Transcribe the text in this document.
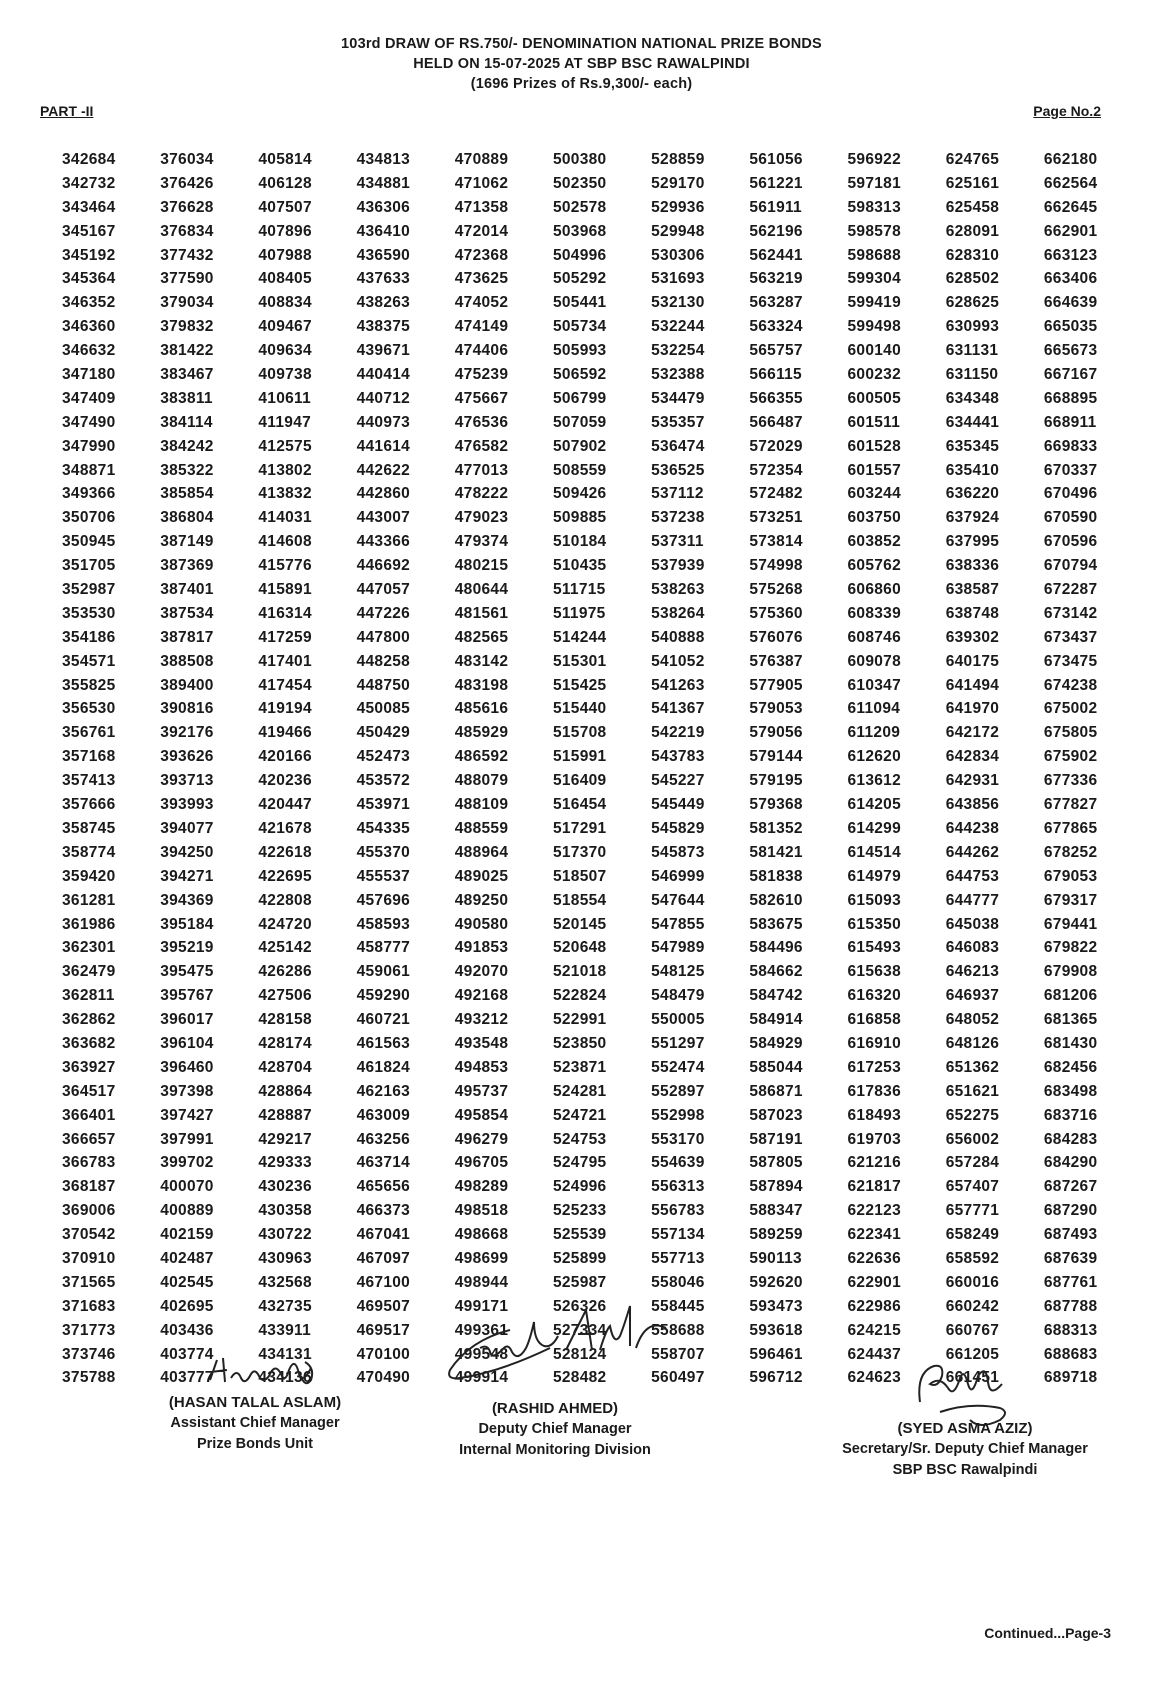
103rd DRAW OF RS.750/- DENOMINATION NATIONAL PRIZE BONDS
HELD ON 15-07-2025 AT SBP BSC RAWALPINDI
(1696 Prizes of Rs.9,300/- each)
PART -II	Page No.2
342684
342732
343464
345167
345192
345364
346352
346360
346632
347180
347409
347490
347990
348871
349366
350706
350945
351705
352987
353530
354186
354571
355825
356530
356761
357168
357413
357666
358745
358774
359420
361281
361986
362301
362479
362811
362862
363682
363927
364517
366401
366657
366783
368187
369006
370542
370910
371565
371683
371773
373746
375788
376034
376426
376628
376834
377432
377590
379034
379832
381422
383467
383811
384114
384242
385322
385854
386804
387149
387369
387401
387534
387817
388508
389400
390816
392176
393626
393713
393993
394077
394250
394271
394369
395184
395219
395475
395767
396017
396104
396460
397398
397427
397991
399702
400070
400889
402159
402487
402545
402695
403436
403774
403777
405814
406128
407507
407896
407988
408405
408834
409467
409634
409738
410611
411947
412575
413802
413832
414031
414608
415776
415891
416314
417259
417401
417454
419194
419466
420166
420236
420447
421678
422618
422695
422808
424720
425142
426286
427506
428158
428174
428704
428864
428887
429217
429333
430236
430358
430722
430963
432568
432735
433911
434131
434136
434813
434881
436306
436410
436590
437633
438263
438375
439671
440414
440712
440973
441614
442622
442860
443007
443366
446692
447057
447226
447800
448258
448750
450085
450429
452473
453572
453971
454335
455370
455537
457696
458593
458777
459061
459290
460721
461563
461824
462163
463009
463256
463714
465656
466373
467041
467097
467100
469507
469517
470100
470490
470889
471062
471358
472014
472368
473625
474052
474149
474406
475239
475667
476536
476582
477013
478222
479023
479374
480215
480644
481561
482565
483142
483198
485616
485929
486592
488079
488109
488559
488964
489025
489250
490580
491853
492070
492168
493212
493548
494853
495737
495854
496279
496705
498289
498518
498668
498699
498944
499171
499361
499548
499914
500380
502350
502578
503968
504996
505292
505441
505734
505993
506592
506799
507059
507902
508559
509426
509885
510184
510435
511715
511975
514244
515301
515425
515440
515708
515991
516409
516454
517291
517370
518507
518554
520145
520648
521018
522824
522991
523850
523871
524281
524721
524753
524795
524996
525233
525539
525899
525987
526326
527334
528124
528482
528859
529170
529936
529948
530306
531693
532130
532244
532254
532388
534479
535357
536474
536525
537112
537238
537311
537939
538263
538264
540888
541052
541263
541367
542219
543783
545227
545449
545829
545873
546999
547644
547855
547989
548125
548479
550005
551297
552474
552897
552998
553170
554639
556313
556783
557134
557713
558046
558445
558688
558707
560497
561056
561221
561911
562196
562441
563219
563287
563324
565757
566115
566355
566487
572029
572354
572482
573251
573814
574998
575268
575360
576076
576387
577905
579053
579056
579144
579195
579368
581352
581421
581838
582610
583675
584496
584662
584742
584914
584929
585044
586871
587023
587191
587805
587894
588347
589259
590113
592620
593473
593618
596461
596712
596922
597181
598313
598578
598688
599304
599419
599498
600140
600232
600505
601511
601528
601557
603244
603750
603852
605762
606860
608339
608746
609078
610347
611094
611209
612620
613612
614205
614299
614514
614979
615093
615350
615493
615638
616320
616858
616910
617253
617836
618493
619703
621216
621817
622123
622341
622636
622901
622986
624215
624437
624623
624765
625161
625458
628091
628310
628502
628625
630993
631131
631150
634348
634441
635345
635410
636220
637924
637995
638336
638587
638748
639302
640175
641494
641970
642172
642834
642931
643856
644238
644262
644753
644777
645038
646083
646213
646937
648052
648126
651362
651621
652275
656002
657284
657407
657771
658249
658592
660016
660242
660767
661205
661451
662180
662564
662645
662901
663123
663406
664639
665035
665673
667167
668895
668911
669833
670337
670496
670590
670596
670794
672287
673142
673437
673475
674238
675002
675805
675902
677336
677827
677865
678252
679053
679317
679441
679822
679908
681206
681365
681430
682456
683498
683716
684283
684290
687267
687290
687493
687639
687761
687788
688313
688683
689718
(HASAN TALAL ASLAM)
Assistant Chief Manager
Prize Bonds Unit
(RASHID AHMED)
Deputy Chief Manager
Internal Monitoring Division
(SYED ASMA AZIZ)
Secretary/Sr. Deputy Chief Manager
SBP BSC Rawalpindi
Continued...Page-3
